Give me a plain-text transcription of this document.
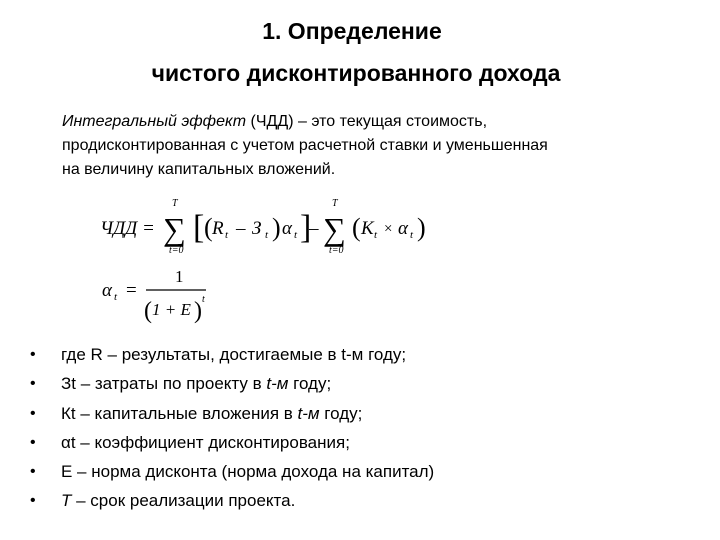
1. Определение
чистого дисконтированного дохода
Интегральный эффект (ЧДД) – это текущая стоимость,
продисконтированная с учетом расчетной ставки и уменьшенная
на величину капитальных вложений.
ЧДД =
T
∑
t=0
[ ( R t – З t ) α t ]
–
T
∑
t=0
( K t × α t )
α t =
1
( 1 + E ) t
• где R – результаты, достигаемые в t-м году;
• Зt – затраты по проекту в t-м году;
• Кt – капитальные вложения в t-м году;
• αt – коэффициент дисконтирования;
• Е – норма дисконта (норма дохода на капитал)
• T – срок реализации проекта.
